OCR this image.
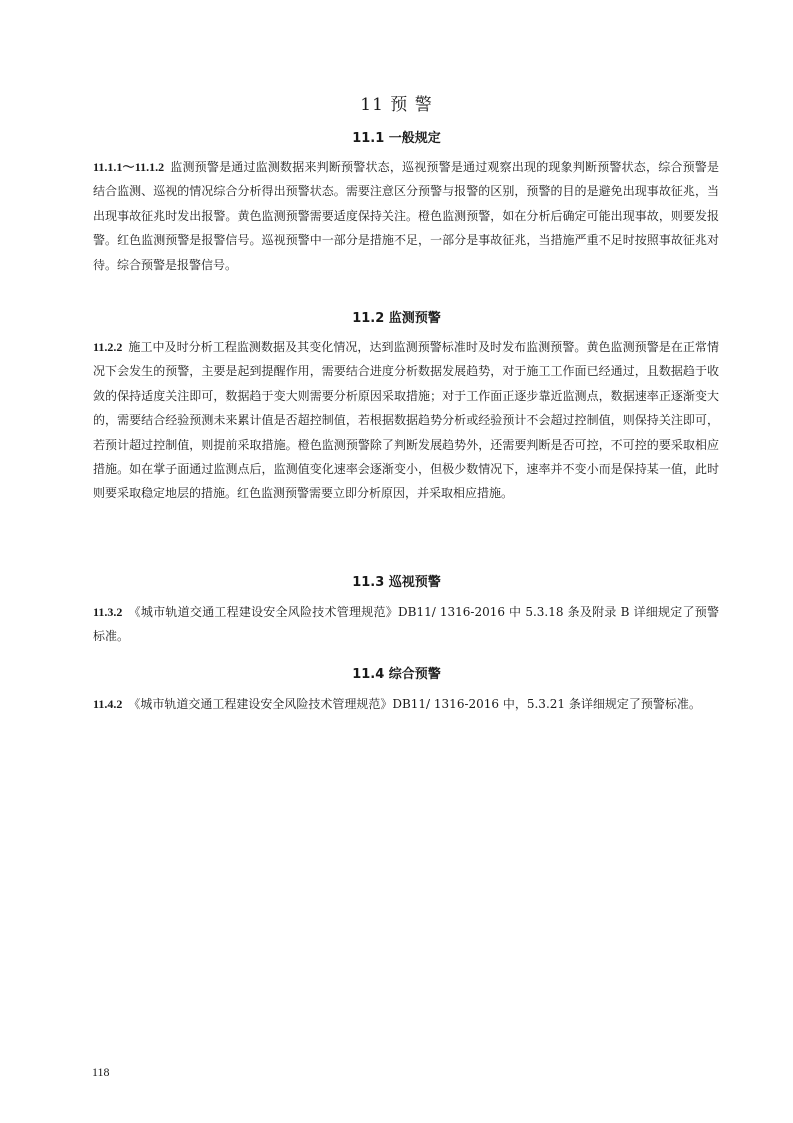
11 预 警
11.1 一般规定
11.1.1～11.1.2 监测预警是通过监测数据来判断预警状态，巡视预警是通过观察出现的现象判断预警状态，综合预警是结合监测、巡视的情况综合分析得出预警状态。需要注意区分预警与报警的区别，预警的目的是避免出现事故征兆，当出现事故征兆时发出报警。黄色监测预警需要适度保持关注。橙色监测预警，如在分析后确定可能出现事故，则要发报警。红色监测预警是报警信号。巡视预警中一部分是措施不足，一部分是事故征兆，当措施严重不足时按照事故征兆对待。综合预警是报警信号。
11.2 监测预警
11.2.2 施工中及时分析工程监测数据及其变化情况，达到监测预警标准时及时发布监测预警。黄色监测预警是在正常情况下会发生的预警，主要是起到提醒作用，需要结合进度分析数据发展趋势，对于施工工作面已经通过，且数据趋于收敛的保持适度关注即可，数据趋于变大则需要分析原因采取措施；对于工作面正逐步靠近监测点，数据速率正逐渐变大的，需要结合经验预测未来累计值是否超控制值，若根据数据趋势分析或经验预计不会超过控制值，则保持关注即可，若预计超过控制值，则提前采取措施。橙色监测预警除了判断发展趋势外，还需要判断是否可控，不可控的要采取相应措施。如在掌子面通过监测点后，监测值变化速率会逐渐变小，但极少数情况下，速率并不变小而是保持某一值，此时则要采取稳定地层的措施。红色监测预警需要立即分析原因，并采取相应措施。
11.3 巡视预警
11.3.2 《城市轨道交通工程建设安全风险技术管理规范》DB11/ 1316-2016 中 5.3.18 条及附录 B 详细规定了预警标准。
11.4 综合预警
11.4.2 《城市轨道交通工程建设安全风险技术管理规范》DB11/ 1316-2016 中，5.3.21 条详细规定了预警标准。
118
